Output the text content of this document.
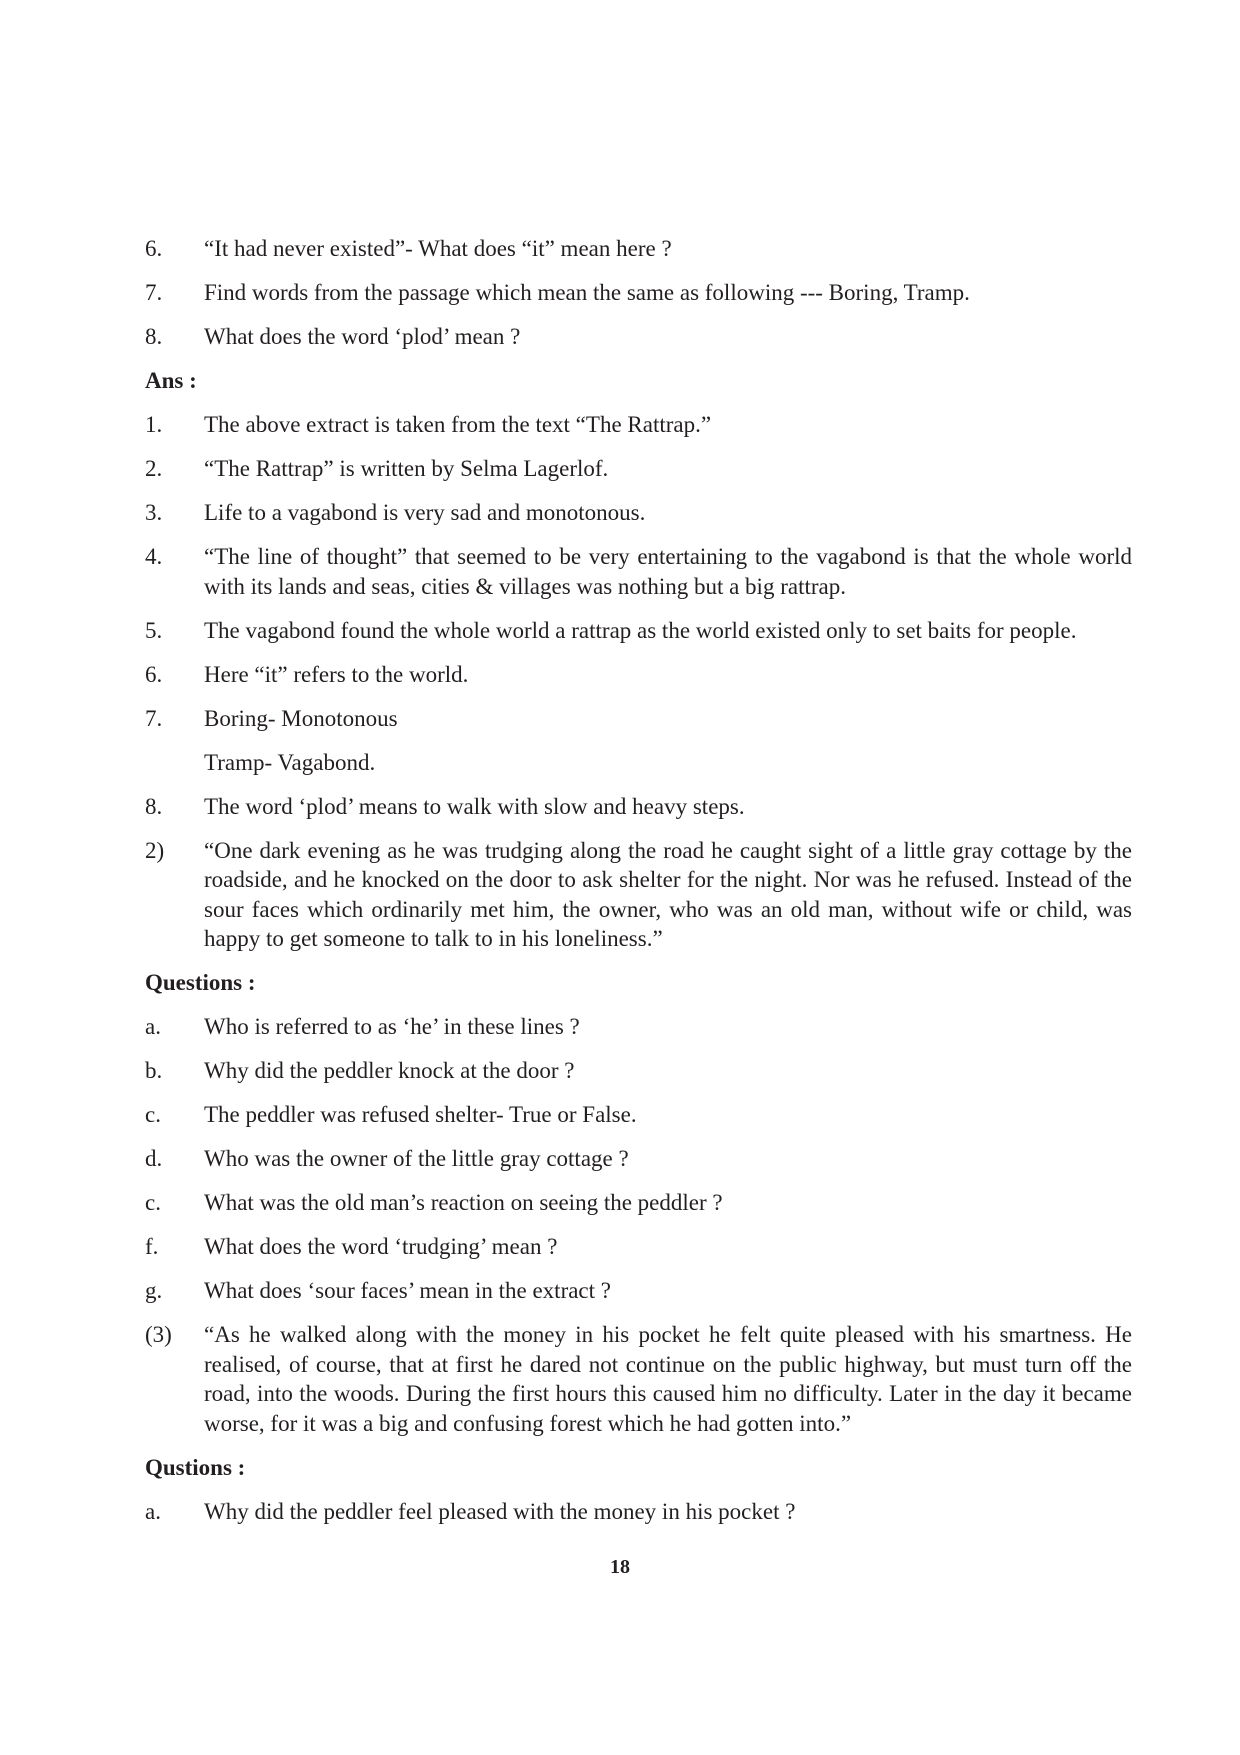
6.	“It had never existed”- What does “it” mean here ?
7.	Find words from the passage which mean the same as following --- Boring, Tramp.
8.	What does the word ‘plod’ mean ?
Ans :
1.	The above extract is taken from the text “The Rattrap.”
2.	“The Rattrap” is written by Selma Lagerlof.
3.	Life to a vagabond is very sad and monotonous.
4.	“The line of thought” that seemed to be very entertaining to the vagabond is that the whole world with its lands and seas, cities & villages was nothing but a big rattrap.
5.	The vagabond found the whole world a rattrap as the world existed only to set baits for people.
6.	Here “it” refers to the world.
7.	Boring- Monotonous
Tramp- Vagabond.
8.	The word ‘plod’ means to walk with slow and heavy steps.
2)	“One dark evening as he was trudging along the road he caught sight of a little gray cottage by the roadside, and he knocked on the door to ask shelter for the night. Nor was he refused. Instead of the sour faces which ordinarily met him, the owner, who was an old man, without wife or child, was happy to get someone to talk to in his loneliness.”
Questions :
a.	Who is referred to as ‘he’ in these lines ?
b.	Why did the peddler knock at the door ?
c.	The peddler was refused shelter- True or False.
d.	Who was the owner of the little gray cottage ?
c.	What was the old man’s reaction on seeing the peddler ?
f.	What does the word ‘trudging’ mean ?
g.	What does ‘sour faces’ mean in the extract ?
(3)	“As he walked along with the money in his pocket he felt quite pleased with his smartness. He realised, of course, that at first he dared not continue on the public highway, but must turn off the road, into the woods. During the first hours this caused him no difficulty. Later in the day it became worse, for it was a big and confusing forest which he had gotten into.”
Qustions :
a.	Why did the peddler feel pleased with the money in his pocket ?
18
